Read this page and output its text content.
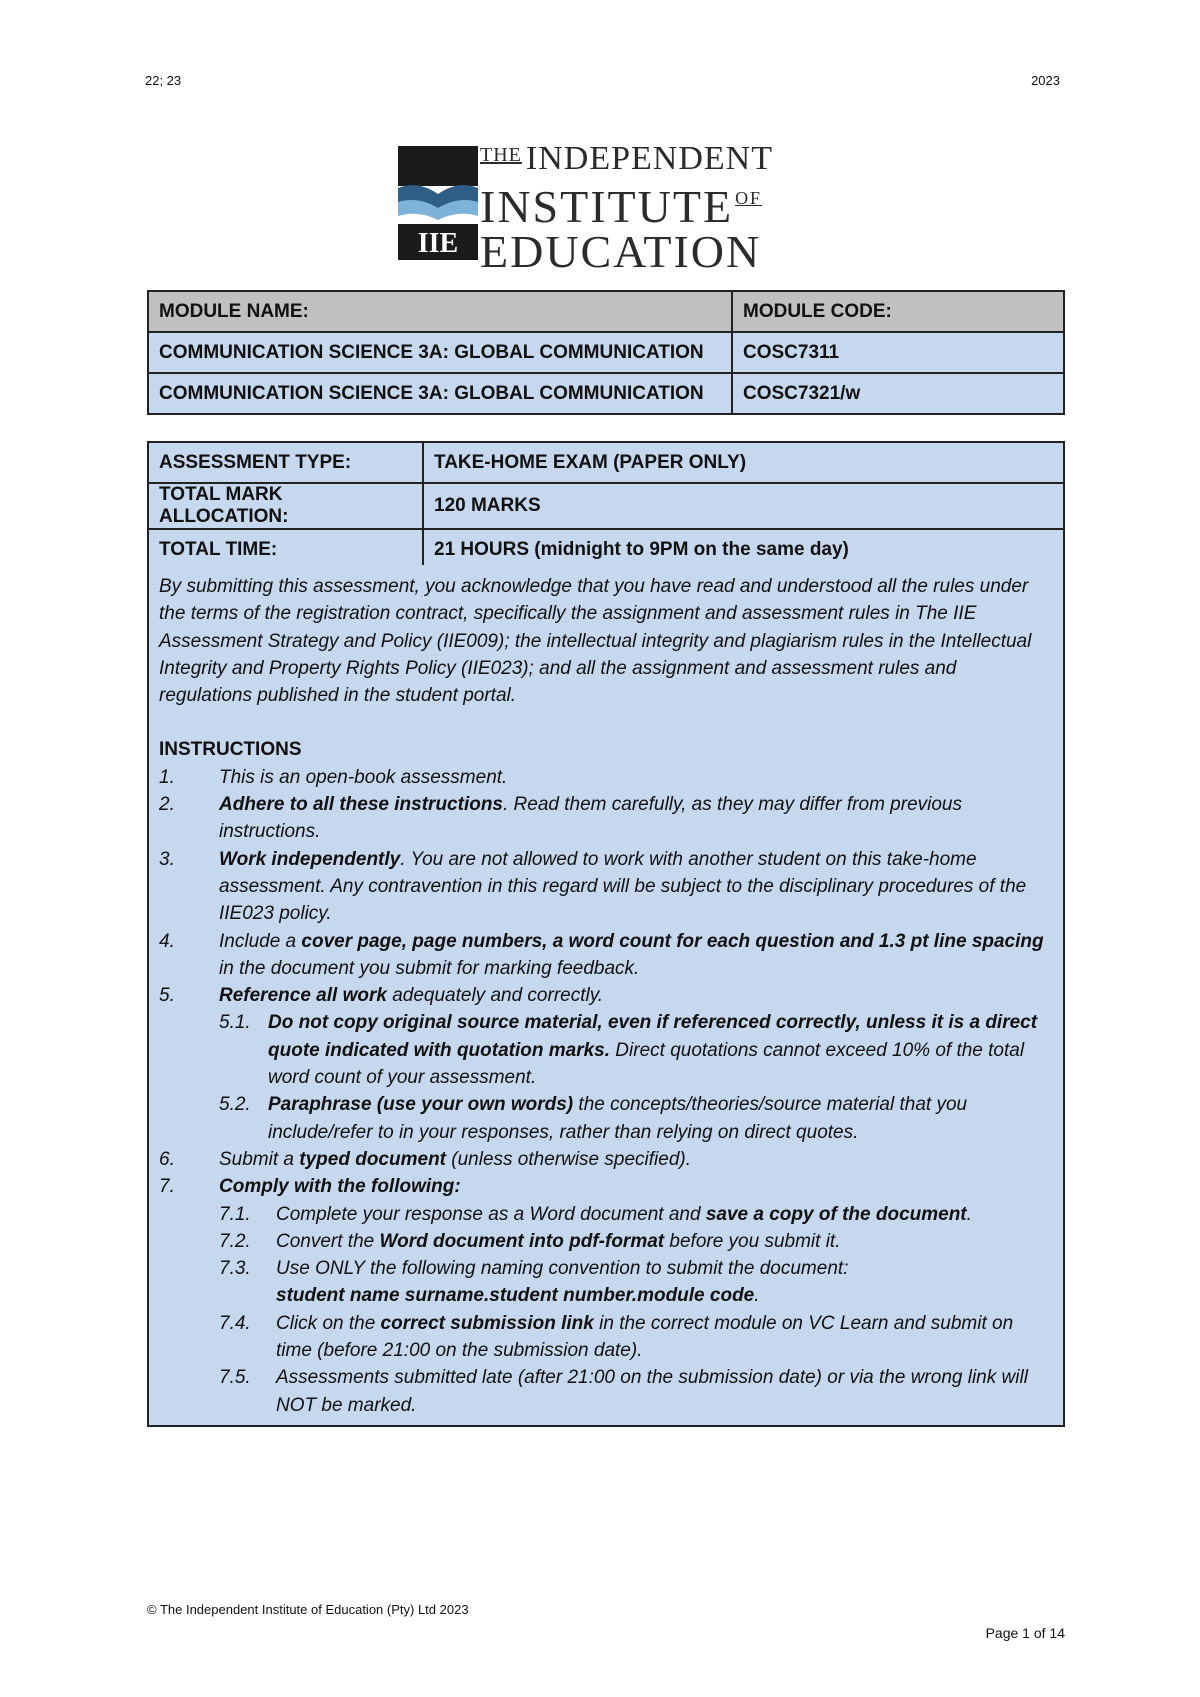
22; 23	2023
IIE
$^{THE}$ INDEPENDENT
INSTITUTE $^{OF}$
EDUCATION
MODULE NAME:	MODULE CODE:
COMMUNICATION SCIENCE 3A: GLOBAL COMMUNICATION	COSC7311
COMMUNICATION SCIENCE 3A: GLOBAL COMMUNICATION	COSC7321/w
ASSESSMENT TYPE:	TAKE-HOME EXAM (PAPER ONLY)
TOTAL MARK ALLOCATION:	120 MARKS
TOTAL TIME:	21 HOURS (midnight to 9PM on the same day)

By submitting this assessment, you acknowledge that you have read and understood all the rules under the terms of the registration contract, specifically the assignment and assessment rules in The IIE Assessment Strategy and Policy (IIE009); the intellectual integrity and plagiarism rules in the Intellectual Integrity and Property Rights Policy (IIE023); and all the assignment and assessment rules and regulations published in the student portal.

INSTRUCTIONS
1. This is an open-book assessment.
2. Adhere to all these instructions. Read them carefully, as they may differ from previous instructions.
3. Work independently. You are not allowed to work with another student on this take-home assessment. Any contravention in this regard will be subject to the disciplinary procedures of the IIE023 policy.
4. Include a cover page, page numbers, a word count for each question and 1.3 pt line spacing in the document you submit for marking feedback.
5. Reference all work adequately and correctly.
5.1. Do not copy original source material, even if referenced correctly, unless it is a direct quote indicated with quotation marks. Direct quotations cannot exceed 10% of the total word count of your assessment.
5.2. Paraphrase (use your own words) the concepts/theories/source material that you include/refer to in your responses, rather than relying on direct quotes.
6. Submit a typed document (unless otherwise specified).
7. Comply with the following:
7.1. Complete your response as a Word document and save a copy of the document.
7.2. Convert the Word document into pdf-format before you submit it.
7.3. Use ONLY the following naming convention to submit the document:
student name surname.student number.module code.
7.4. Click on the correct submission link in the correct module on VC Learn and submit on time (before 21:00 on the submission date).
7.5. Assessments submitted late (after 21:00 on the submission date) or via the wrong link will NOT be marked.
© The Independent Institute of Education (Pty) Ltd 2023
Page 1 of 14
